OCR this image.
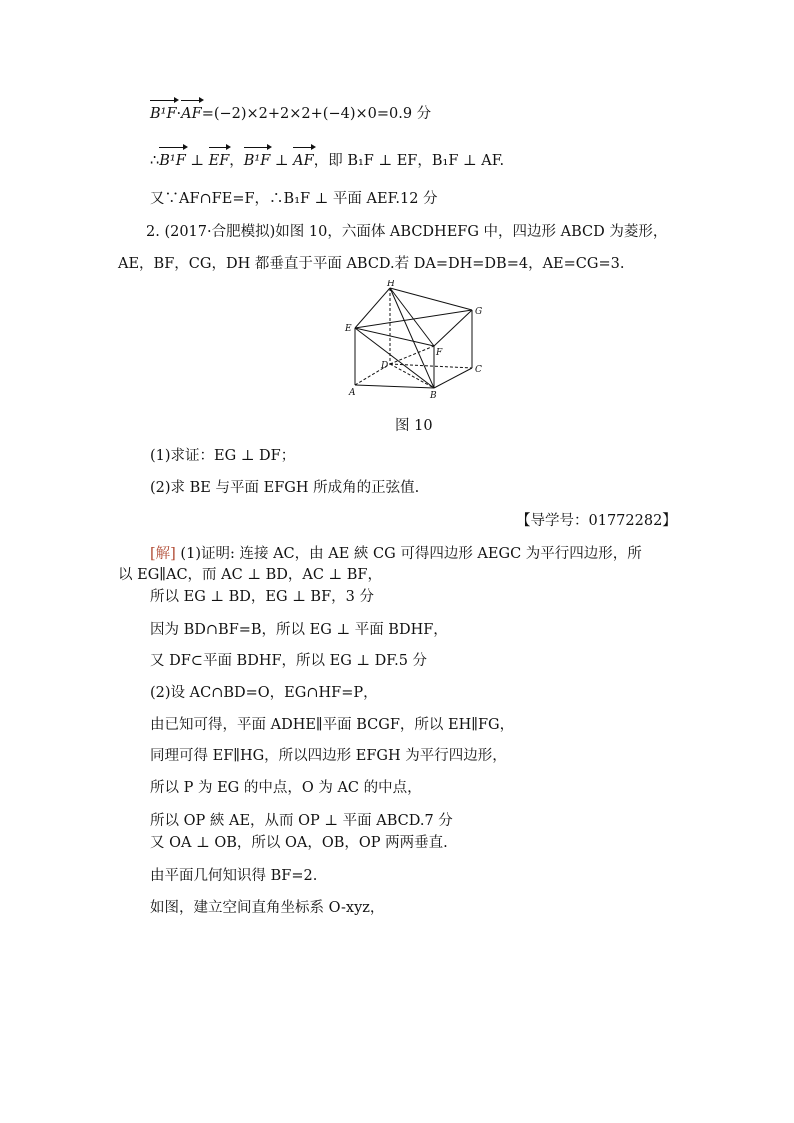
B¹F·AF=(−2)×2+2×2+(−4)×0=0.9 分
∴B¹F ⊥ EF，B¹F ⊥ AF，即 B₁F ⊥ EF，B₁F ⊥ AF.
又∵AF∩FE=F，∴B₁F ⊥ 平面 AEF.12 分
2. (2017·合肥模拟)如图 10，六面体 ABCDHEFG 中，四边形 ABCD 为菱形，
AE，BF，CG，DH 都垂直于平面 ABCD.若 DA=DH=DB=4，AE=CG=3.
H
G
E
F
D	C
A	B
图 10
(1)求证：EG ⊥ DF；
(2)求 BE 与平面 EFGH 所成角的正弦值.
【导学号：01772282】
[解] (1)证明: 连接 AC，由 AE 綊 CG 可得四边形 AEGC 为平行四边形，所
以 EG∥AC，而 AC ⊥ BD，AC ⊥ BF，
所以 EG ⊥ BD，EG ⊥ BF，3 分
因为 BD∩BF=B，所以 EG ⊥ 平面 BDHF，
又 DF⊂平面 BDHF，所以 EG ⊥ DF.5 分
(2)设 AC∩BD=O，EG∩HF=P，
由已知可得，平面 ADHE∥平面 BCGF，所以 EH∥FG，
同理可得 EF∥HG，所以四边形 EFGH 为平行四边形，
所以 P 为 EG 的中点，O 为 AC 的中点，
所以 OP 綊 AE，从而 OP ⊥ 平面 ABCD.7 分
又 OA ⊥ OB，所以 OA，OB，OP 两两垂直.
由平面几何知识得 BF=2.
如图，建立空间直角坐标系 O-xyz，
